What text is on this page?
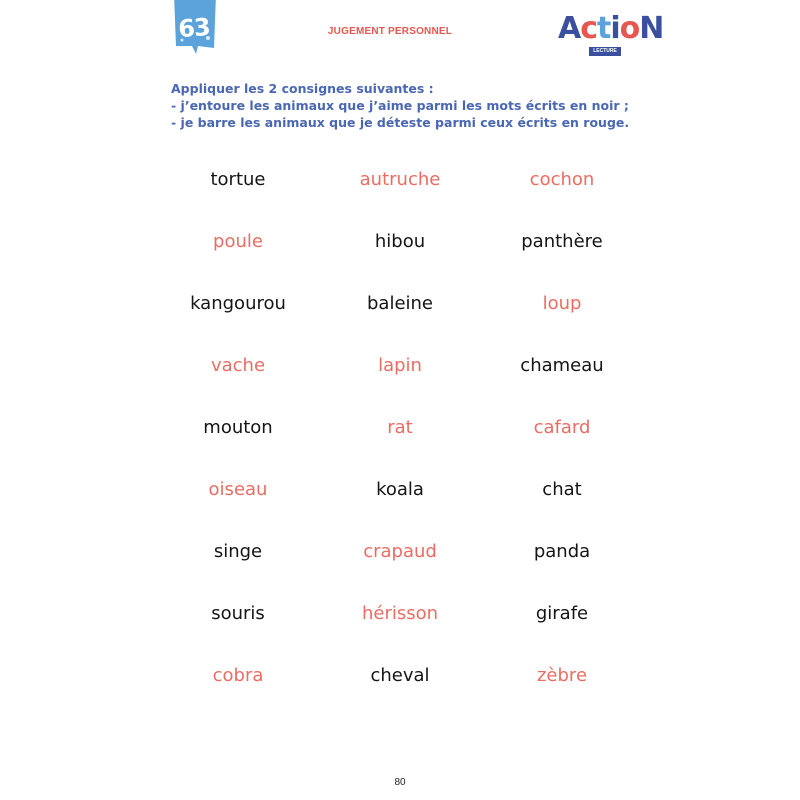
63	JUGEMENT PERSONNEL	ActioN
LECTURE
Appliquer les 2 consignes suivantes :
- j’entoure les animaux que j’aime parmi les mots écrits en noir ;
- je barre les animaux que je déteste parmi ceux écrits en rouge.
tortue	autruche	cochon
poule	hibou	panthère
kangourou	baleine	loup
vache	lapin	chameau
mouton	rat	cafard
oiseau	koala	chat
singe	crapaud	panda
souris	hérisson	girafe
cobra	cheval	zèbre
80
